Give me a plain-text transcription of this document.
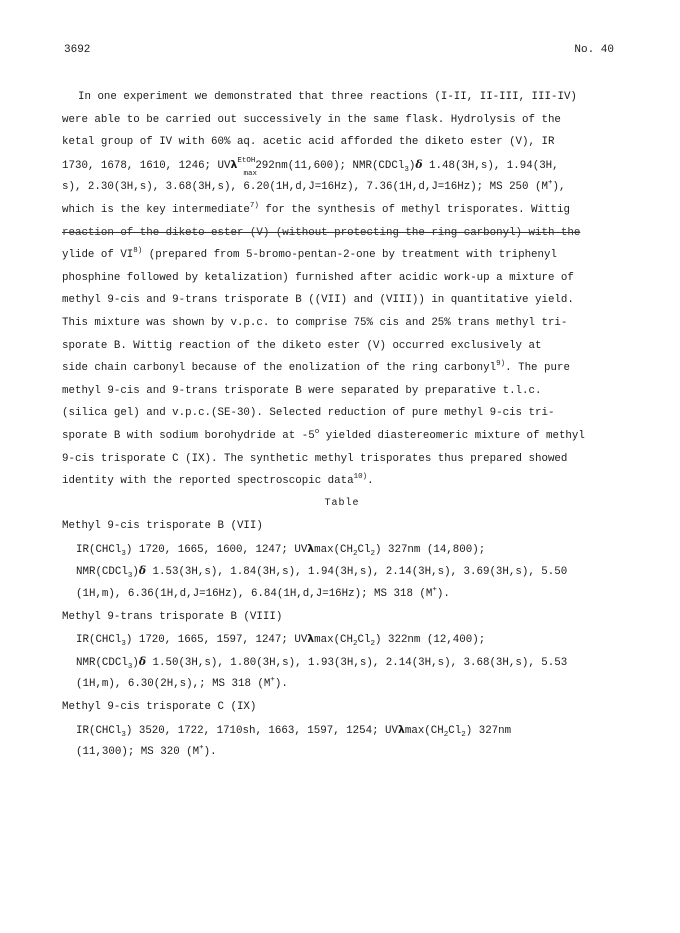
3692	No. 40
In one experiment we demonstrated that three reactions (I-II, II-III, III-IV)
were able to be carried out successively in the same flask. Hydrolysis of the
ketal group of IV with 60% aq. acetic acid afforded the diketo ester (V), IR
1730, 1678, 1610, 1246; UVλ$^{EtOH}$
max
292nm(11,600); NMR(CDCl$_3$)δ 1.48(3H,s), 1.94(3H,
s), 2.30(3H,s), 3.68(3H,s), 6.20(1H,d,J=16Hz), 7.36(1H,d,J=16Hz); MS 250 (M+),
which is the key intermediate$^{7)}$ for the synthesis of methyl trisporates. Wittig
reaction of the diketo ester (V) (without protecting the ring carbonyl) with the
ylide of VI$^{8)}$ (prepared from 5-bromo-pentan-2-one by treatment with triphenyl
phosphine followed by ketalization) furnished after acidic work-up a mixture of
methyl 9-cis and 9-trans trisporate B ((VII) and (VIII)) in quantitative yield.
This mixture was shown by v.p.c. to comprise 75% cis and 25% trans methyl tri-
sporate B. Wittig reaction of the diketo ester (V) occurred exclusively at
side chain carbonyl because of the enolization of the ring carbonyl$^{9)}$. The pure
methyl 9-cis and 9-trans trisporate B were separated by preparative t.l.c.
(silica gel) and v.p.c.(SE-30). Selected reduction of pure methyl 9-cis tri-
sporate B with sodium borohydride at -5$^o$ yielded diastereomeric mixture of methyl
9-cis trisporate C (IX). The synthetic methyl trisporates thus prepared showed
identity with the reported spectroscopic data$^{10)}$.
Table
Methyl 9-cis trisporate B (VII)
IR(CHCl$_3$) 1720, 1665, 1600, 1247; $UV\lambda\max(CH_2Cl_2)$ 327nm (14,800);
NMR(CDCl$_3$)δ 1.53(3H,s), 1.84(3H,s), 1.94(3H,s), 2.14(3H,s), 3.69(3H,s), 5.50
(1H,m), 6.36(1H,d,J=16Hz), 6.84(1H,d,J=16Hz); MS 318 (M+).
Methyl 9-trans trisporate B (VIII)
IR(CHCl$_3$) 1720, 1665, 1597, 1247; $UV\lambda\max(CH_2Cl_2)$ 322nm (12,400);
NMR(CDCl$_3$)δ 1.50(3H,s), 1.80(3H,s), 1.93(3H,s), 2.14(3H,s), 3.68(3H,s), 5.53
(1H,m), 6.30(2H,s),; MS 318 (M+).
Methyl 9-cis trisporate C (IX)
IR(CHCl$_3$) 3520, 1722, 1710sh, 1663, 1597, 1254; $UV\lambda\max(CH_2Cl_2)$ 327nm
(11,300); MS 320 (M+).
